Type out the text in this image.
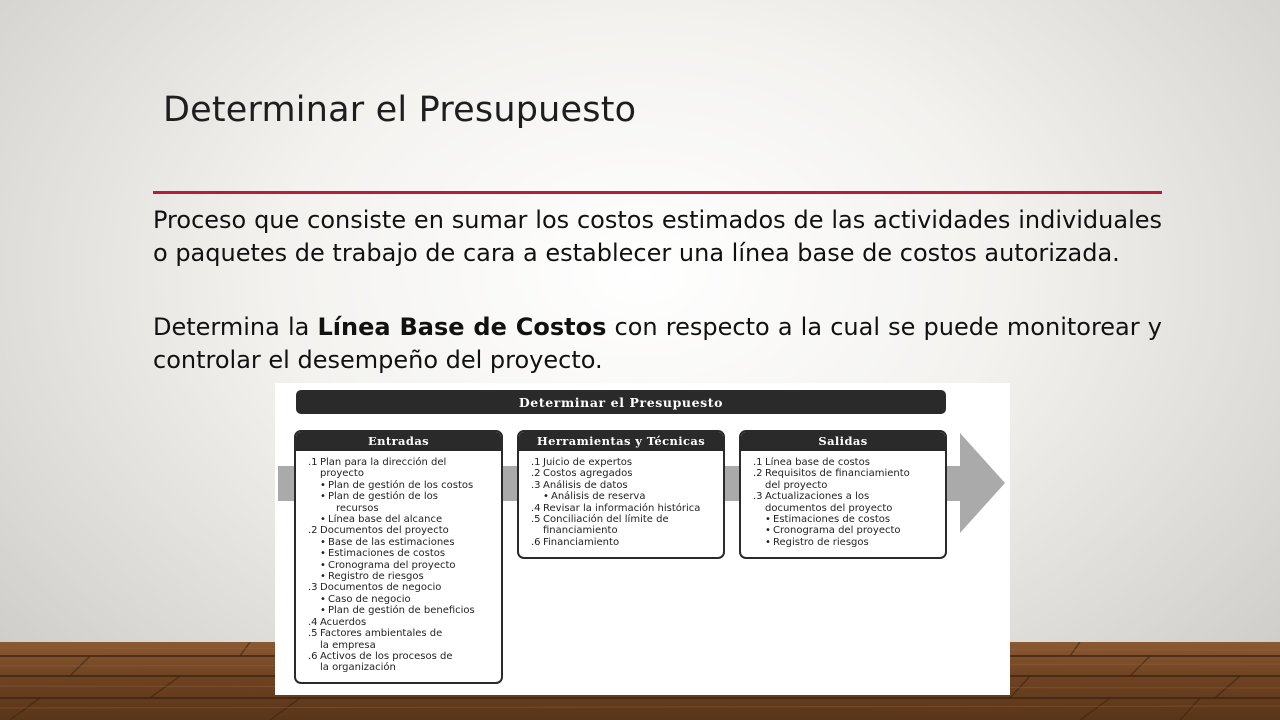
Determinar el Presupuesto
Proceso que consiste en sumar los costos estimados de las actividades individuales o paquetes de trabajo de cara a establecer una línea base de costos autorizada.
Determina la Línea Base de Costos con respecto a la cual se puede monitorear y controlar el desempeño del proyecto.
Determinar el Presupuesto
Entradas
.1 Plan para la dirección del
proyecto
• Plan de gestión de los costos
• Plan de gestión de los
recursos
• Línea base del alcance
.2 Documentos del proyecto
• Base de las estimaciones
• Estimaciones de costos
• Cronograma del proyecto
• Registro de riesgos
.3 Documentos de negocio
• Caso de negocio
• Plan de gestión de beneficios
.4 Acuerdos
.5 Factores ambientales de
la empresa
.6 Activos de los procesos de
la organización
Herramientas y Técnicas
.1 Juicio de expertos
.2 Costos agregados
.3 Análisis de datos
• Análisis de reserva
.4 Revisar la información histórica
.5 Conciliación del límite de
financiamiento
.6 Financiamiento
Salidas
.1 Línea base de costos
.2 Requisitos de financiamiento
del proyecto
.3 Actualizaciones a los
documentos del proyecto
• Estimaciones de costos
• Cronograma del proyecto
• Registro de riesgos
